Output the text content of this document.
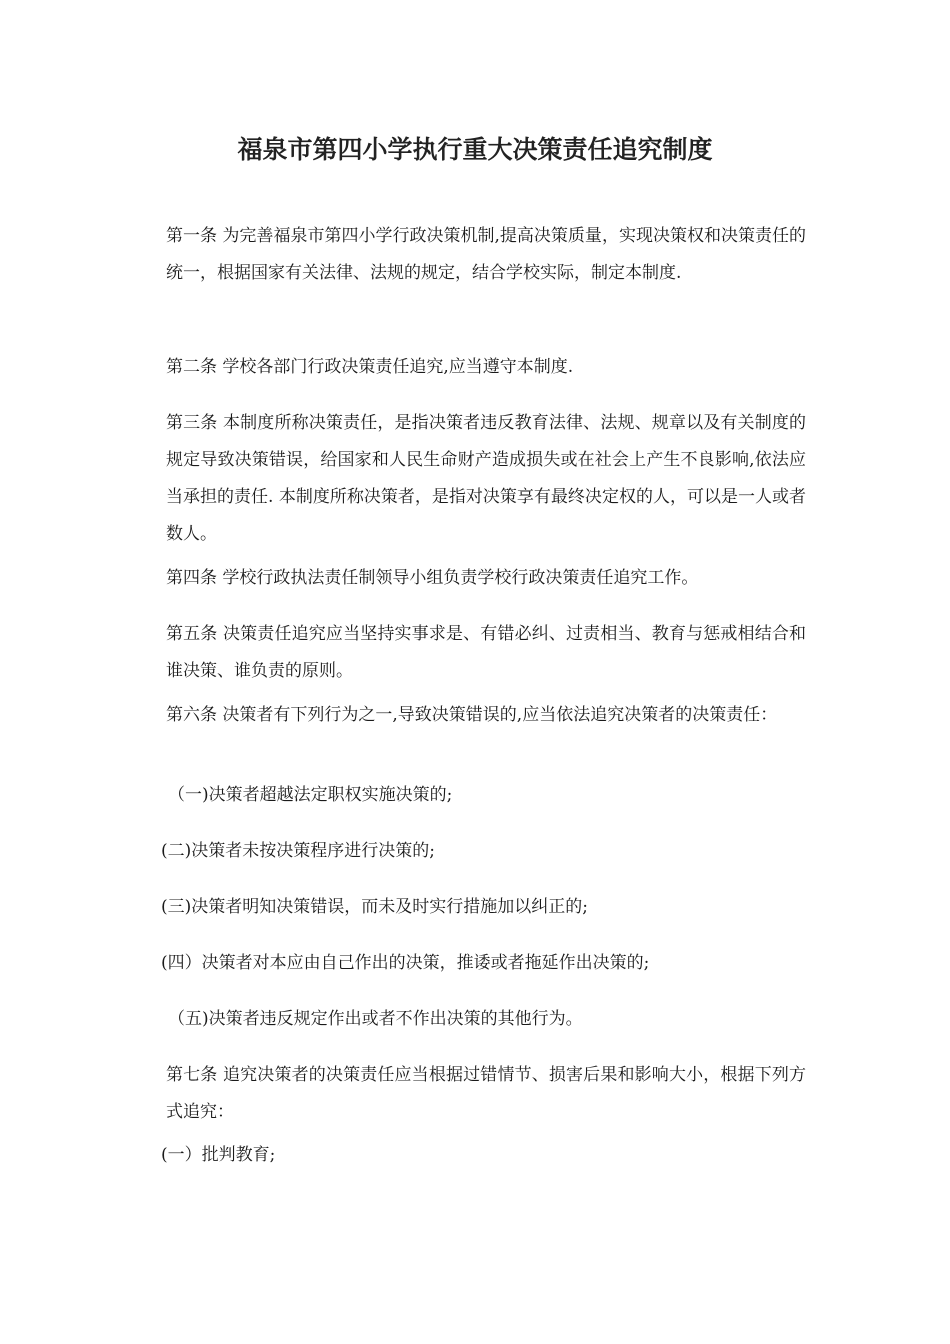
福泉市第四小学执行重大决策责任追究制度

第一条 为完善福泉市第四小学行政决策机制,提高决策质量，实现决策权和决策责任的统一，根据国家有关法律、法规的规定，结合学校实际，制定本制度.

第二条 学校各部门行政决策责任追究,应当遵守本制度.

第三条 本制度所称决策责任，是指决策者违反教育法律、法规、规章以及有关制度的规定导致决策错误，给国家和人民生命财产造成损失或在社会上产生不良影响,依法应当承担的责任. 本制度所称决策者，是指对决策享有最终决定权的人，可以是一人或者数人。

第四条 学校行政执法责任制领导小组负责学校行政决策责任追究工作。

第五条 决策责任追究应当坚持实事求是、有错必纠、过责相当、教育与惩戒相结合和谁决策、谁负责的原则。

第六条 决策者有下列行为之一,导致决策错误的,应当依法追究决策者的决策责任：

（一)决策者超越法定职权实施决策的;

(二)决策者未按决策程序进行决策的;

(三)决策者明知决策错误，而未及时实行措施加以纠正的;

(四）决策者对本应由自己作出的决策，推诿或者拖延作出决策的;

（五)决策者违反规定作出或者不作出决策的其他行为。

第七条 追究决策者的决策责任应当根据过错情节、损害后果和影响大小，根据下列方式追究：

(一）批判教育;
